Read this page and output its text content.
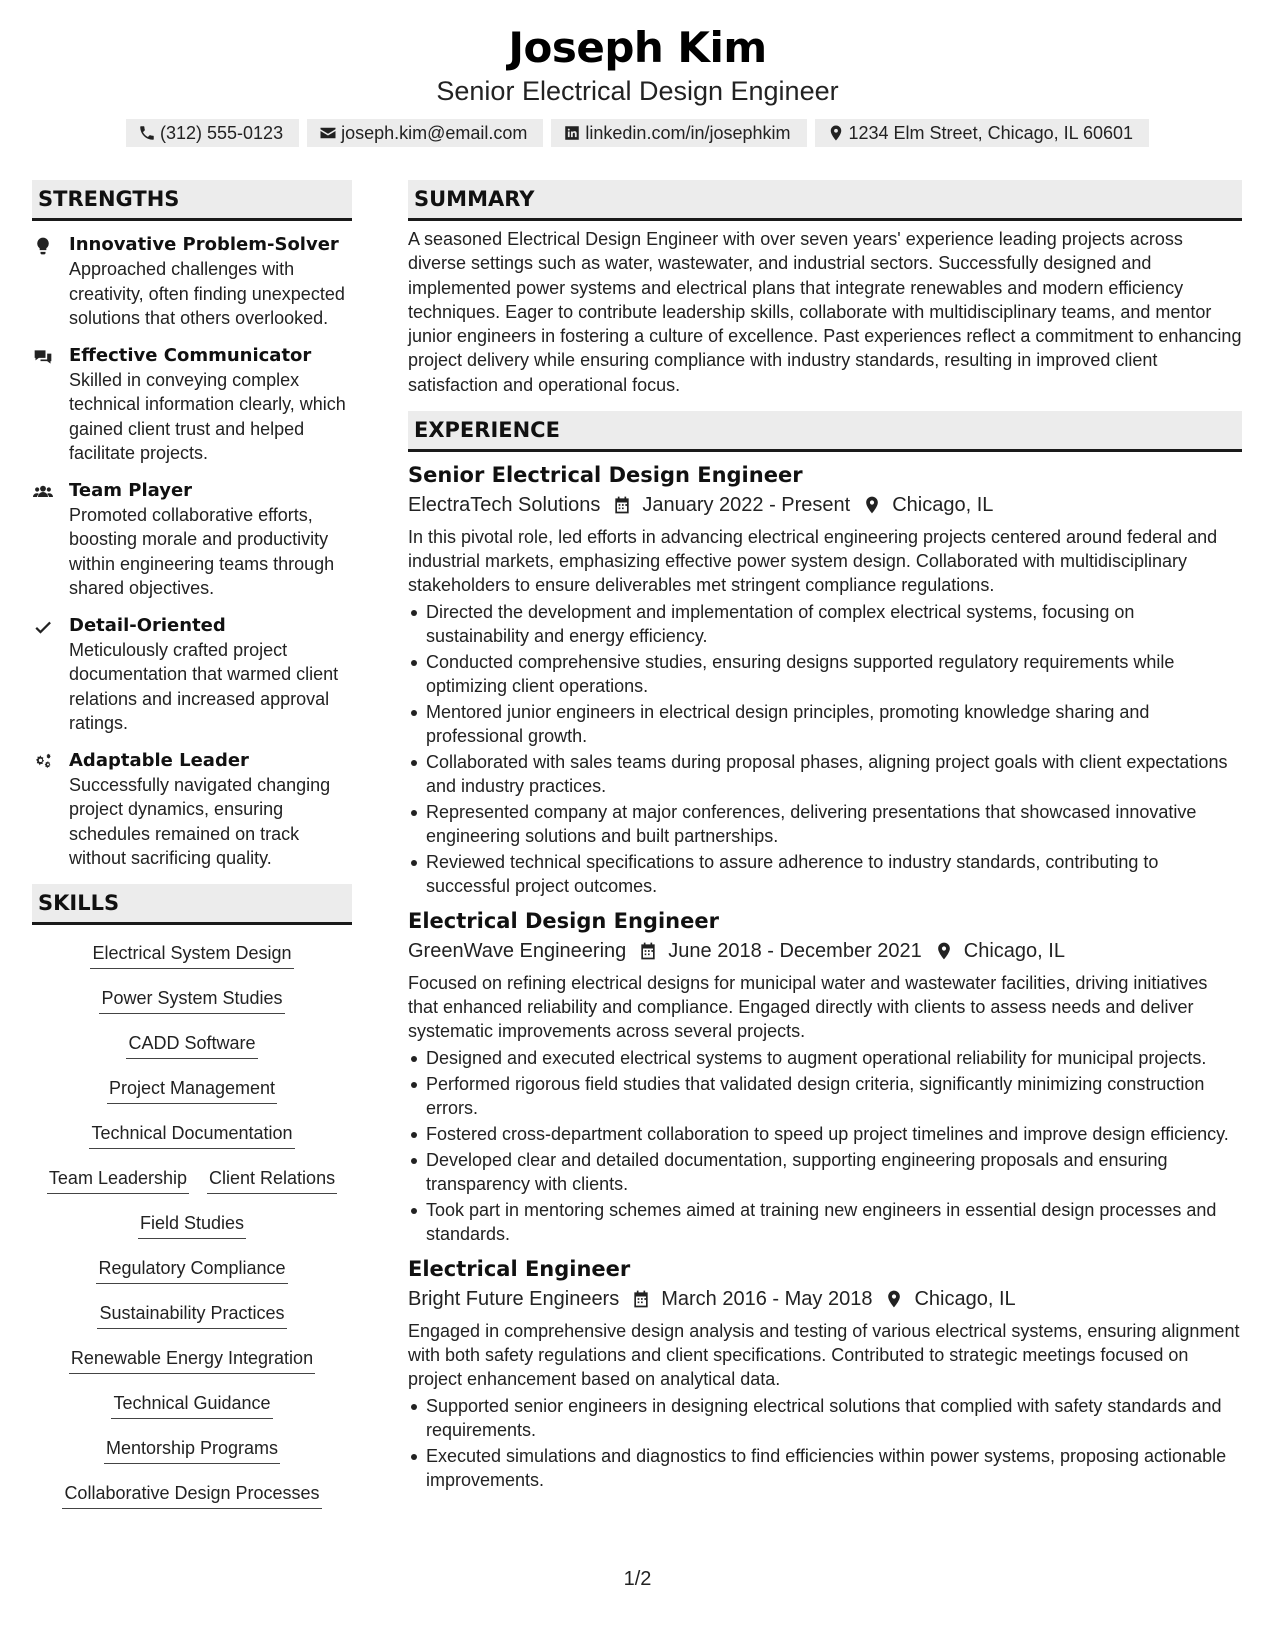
Joseph Kim
Senior Electrical Design Engineer
(312) 555-0123	joseph.kim@email.com	linkedin.com/in/josephkim	1234 Elm Street, Chicago, IL 60601
STRENGTHS
Innovative Problem-Solver
Approached challenges with creativity, often finding unexpected solutions that others overlooked.
Effective Communicator
Skilled in conveying complex technical information clearly, which gained client trust and helped facilitate projects.
Team Player
Promoted collaborative efforts, boosting morale and productivity within engineering teams through shared objectives.
Detail-Oriented
Meticulously crafted project documentation that warmed client relations and increased approval ratings.
Adaptable Leader
Successfully navigated changing project dynamics, ensuring schedules remained on track without sacrificing quality.
SKILLS
Electrical System Design
Power System Studies
CADD Software
Project Management
Technical Documentation
Team Leadership Client Relations
Field Studies
Regulatory Compliance
Sustainability Practices
Renewable Energy Integration
Technical Guidance
Mentorship Programs
Collaborative Design Processes
SUMMARY
A seasoned Electrical Design Engineer with over seven years' experience leading projects across diverse settings such as water, wastewater, and industrial sectors. Successfully designed and implemented power systems and electrical plans that integrate renewables and modern efficiency techniques. Eager to contribute leadership skills, collaborate with multidisciplinary teams, and mentor junior engineers in fostering a culture of excellence. Past experiences reflect a commitment to enhancing project delivery while ensuring compliance with industry standards, resulting in improved client satisfaction and operational focus.
EXPERIENCE
Senior Electrical Design Engineer
ElectraTech Solutions January 2022 - Present Chicago, IL
In this pivotal role, led efforts in advancing electrical engineering projects centered around federal and industrial markets, emphasizing effective power system design. Collaborated with multidisciplinary stakeholders to ensure deliverables met stringent compliance regulations.
Directed the development and implementation of complex electrical systems, focusing on sustainability and energy efficiency.
Conducted comprehensive studies, ensuring designs supported regulatory requirements while optimizing client operations.
Mentored junior engineers in electrical design principles, promoting knowledge sharing and professional growth.
Collaborated with sales teams during proposal phases, aligning project goals with client expectations and industry practices.
Represented company at major conferences, delivering presentations that showcased innovative engineering solutions and built partnerships.
Reviewed technical specifications to assure adherence to industry standards, contributing to successful project outcomes.
Electrical Design Engineer
GreenWave Engineering June 2018 - December 2021 Chicago, IL
Focused on refining electrical designs for municipal water and wastewater facilities, driving initiatives that enhanced reliability and compliance. Engaged directly with clients to assess needs and deliver systematic improvements across several projects.
Designed and executed electrical systems to augment operational reliability for municipal projects.
Performed rigorous field studies that validated design criteria, significantly minimizing construction errors.
Fostered cross-department collaboration to speed up project timelines and improve design efficiency.
Developed clear and detailed documentation, supporting engineering proposals and ensuring transparency with clients.
Took part in mentoring schemes aimed at training new engineers in essential design processes and standards.
Electrical Engineer
Bright Future Engineers March 2016 - May 2018 Chicago, IL
Engaged in comprehensive design analysis and testing of various electrical systems, ensuring alignment with both safety regulations and client specifications. Contributed to strategic meetings focused on project enhancement based on analytical data.
Supported senior engineers in designing electrical solutions that complied with safety standards and requirements.
Executed simulations and diagnostics to find efficiencies within power systems, proposing actionable improvements.
1/2
